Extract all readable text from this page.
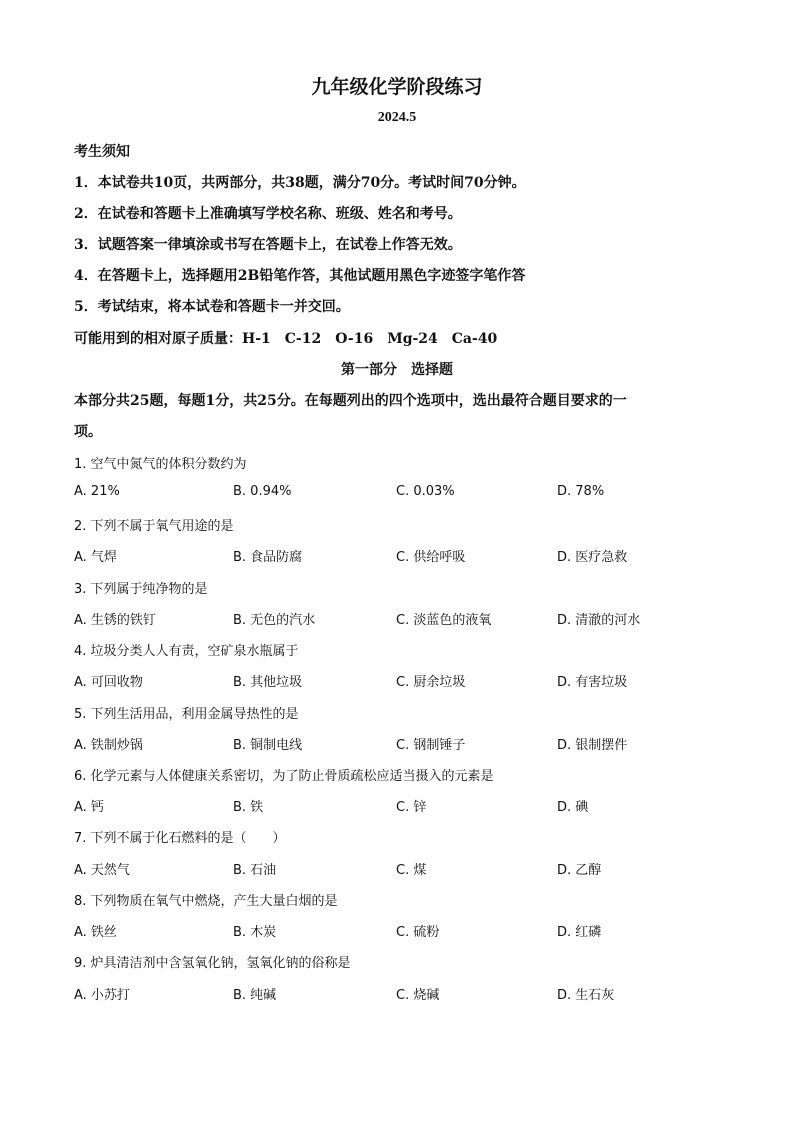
九年级化学阶段练习
2024.5
考生须知
1．本试卷共10页，共两部分，共38题，满分70分。考试时间70分钟。
2．在试卷和答题卡上准确填写学校名称、班级、姓名和考号。
3．试题答案一律填涂或书写在答题卡上，在试卷上作答无效。
4．在答题卡上，选择题用2B铅笔作答，其他试题用黑色字迹签字笔作答
5．考试结束，将本试卷和答题卡一并交回。
可能用到的相对原子质量：H-1　C-12　O-16　Mg-24　Ca-40
第一部分　选择题
本部分共25题，每题1分，共25分。在每题列出的四个选项中，选出最符合题目要求的一
项。
1. 空气中氮气的体积分数约为
A. 21%	B. 0.94%	C. 0.03%	D. 78%
2. 下列不属于氧气用途的是
A. 气焊	B. 食品防腐	C. 供给呼吸	D. 医疗急救
3. 下列属于纯净物的是
A. 生锈的铁钉	B. 无色的汽水	C. 淡蓝色的液氧	D. 清澈的河水
4. 垃圾分类人人有责，空矿泉水瓶属于
A. 可回收物	B. 其他垃圾	C. 厨余垃圾	D. 有害垃圾
5. 下列生活用品，利用金属导热性的是
A. 铁制炒锅	B. 铜制电线	C. 钢制锤子	D. 银制摆件
6. 化学元素与人体健康关系密切，为了防止骨质疏松应适当摄入的元素是
A. 钙	B. 铁	C. 锌	D. 碘
7. 下列不属于化石燃料的是（　　）
A. 天然气	B. 石油	C. 煤	D. 乙醇
8. 下列物质在氧气中燃烧，产生大量白烟的是
A. 铁丝	B. 木炭	C. 硫粉	D. 红磷
9. 炉具清洁剂中含氢氧化钠，氢氧化钠的俗称是
A. 小苏打	B. 纯碱	C. 烧碱	D. 生石灰
